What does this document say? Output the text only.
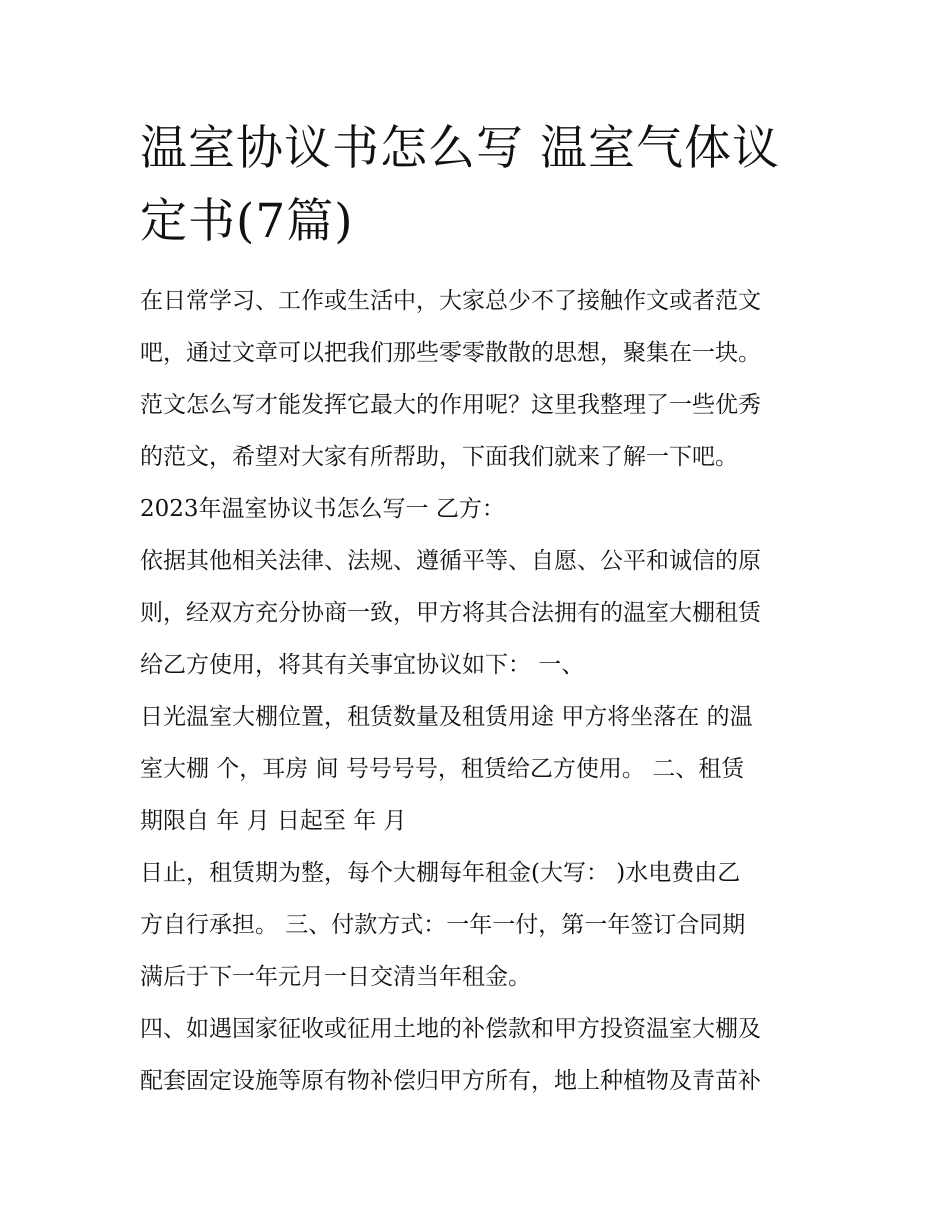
温室协议书怎么写 温室气体议
定书(7篇)
在日常学习、工作或生活中，大家总少不了接触作文或者范文
吧，通过文章可以把我们那些零零散散的思想，聚集在一块。
范文怎么写才能发挥它最大的作用呢？这里我整理了一些优秀
的范文，希望对大家有所帮助，下面我们就来了解一下吧。
2023年温室协议书怎么写一 乙方：
依据其他相关法律、法规、遵循平等、自愿、公平和诚信的原
则，经双方充分协商一致，甲方将其合法拥有的温室大棚租赁
给乙方使用，将其有关事宜协议如下： 一、
日光温室大棚位置，租赁数量及租赁用途 甲方将坐落在 的温
室大棚 个，耳房 间 号号号号，租赁给乙方使用。 二、租赁
期限自 年 月 日起至 年 月
日止，租赁期为整，每个大棚每年租金(大写： )水电费由乙
方自行承担。 三、付款方式：一年一付，第一年签订合同期
满后于下一年元月一日交清当年租金。
四、如遇国家征收或征用土地的补偿款和甲方投资温室大棚及
配套固定设施等原有物补偿归甲方所有，地上种植物及青苗补
